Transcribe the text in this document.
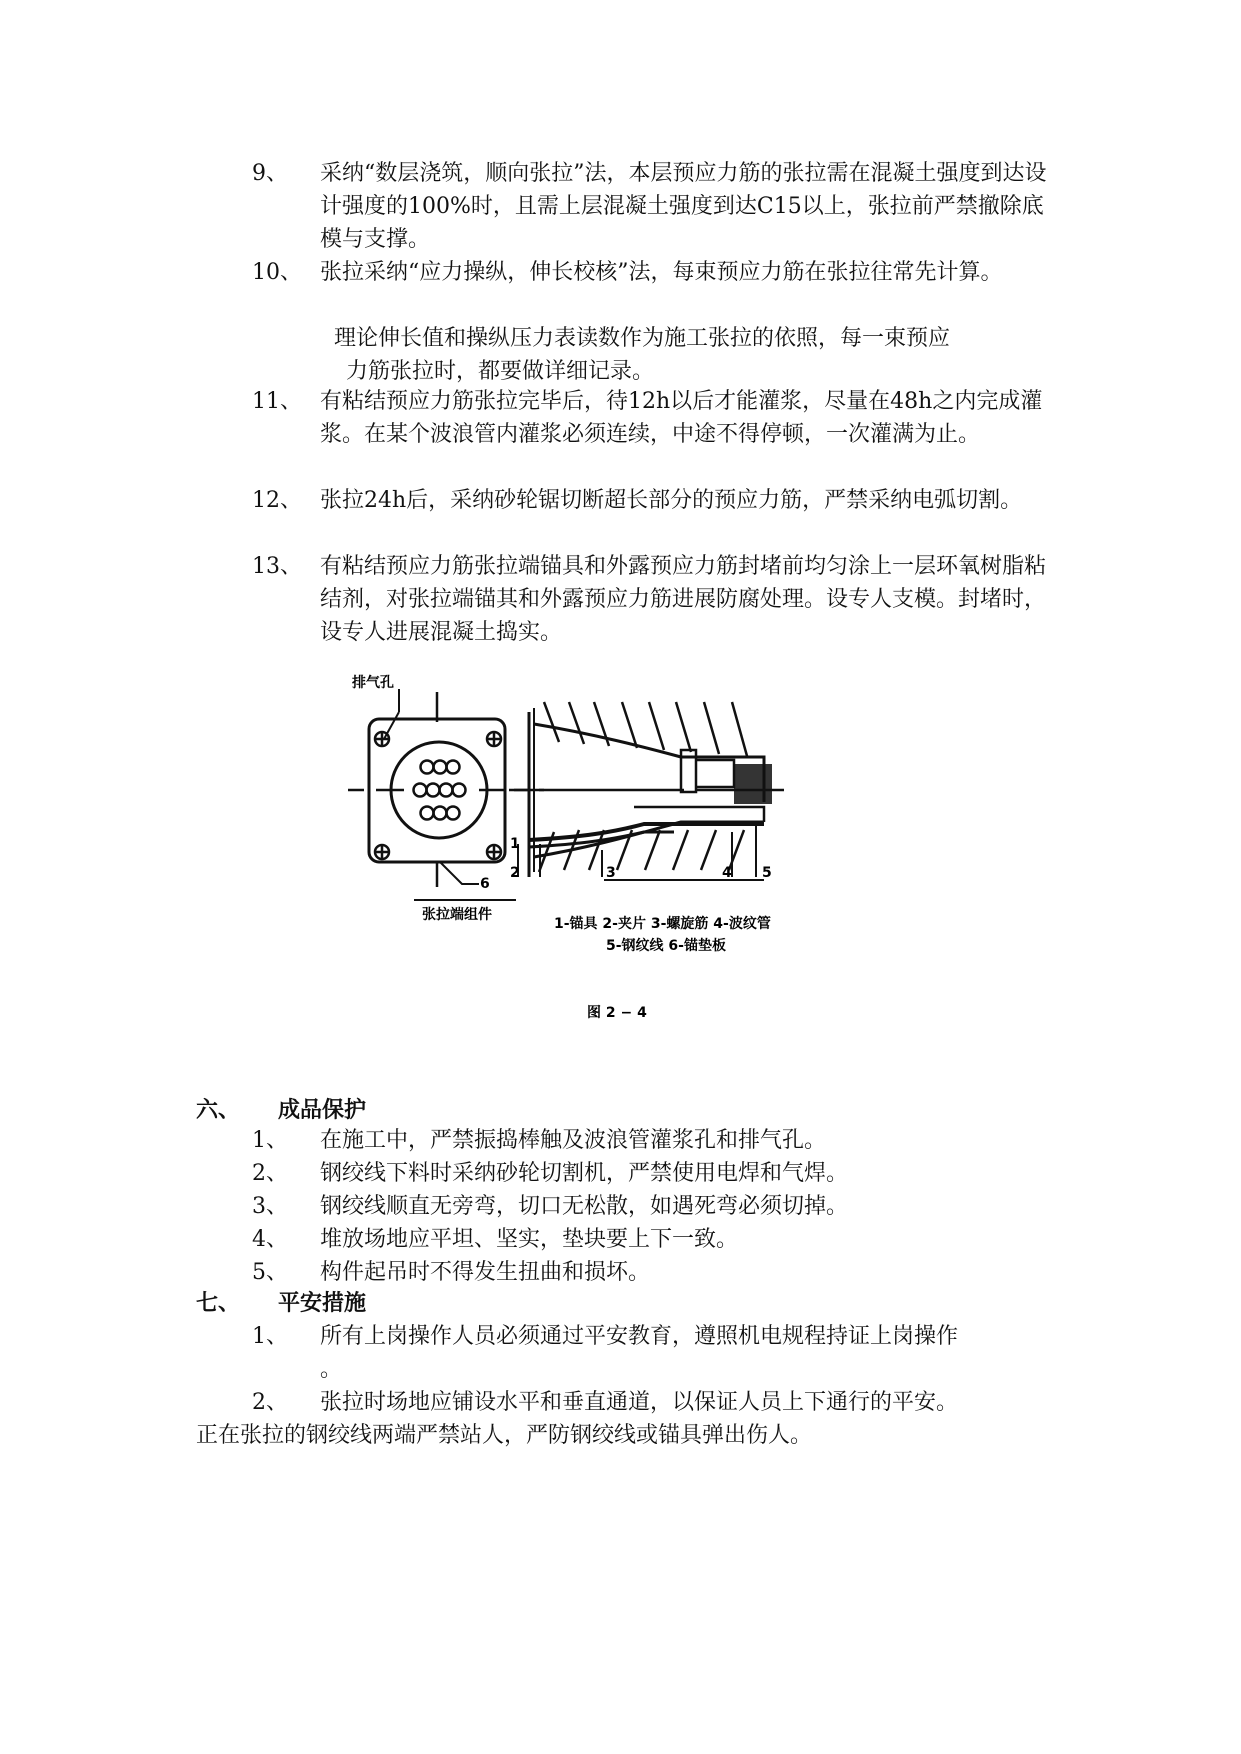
9、 采纳“数层浇筑，顺向张拉”法，本层预应力筋的张拉需在混凝土强度到达设计强度的100%时，且需上层混凝土强度到达C15以上，张拉前严禁撤除底模与支撑。
10、 张拉采纳“应力操纵，伸长校核”法，每束预应力筋在张拉往常先计算。
理论伸长值和操纵压力表读数作为施工张拉的依照，每一束预应
力筋张拉时，都要做详细记录。
11、 有粘结预应力筋张拉完毕后，待12h以后才能灌浆，尽量在48h之内完成灌浆。在某个波浪管内灌浆必须连续，中途不得停顿，一次灌满为止。
12、 张拉24h后，采纳砂轮锯切断超长部分的预应力筋，严禁采纳电弧切割。
13、 有粘结预应力筋张拉端锚具和外露预应力筋封堵前均匀涂上一层环氧树脂粘结剂，对张拉端锚其和外露预应力筋进展防腐处理。设专人支模。封堵时，设专人进展混凝土捣实。
排气孔
6
张拉端组件
1
2	3	4 5
1-锚具 2-夹片 3-螺旋筋 4-波纹管
5-钢纹线 6-锚垫板
图 2 − 4
六、 成品保护
1、 在施工中，严禁振捣棒触及波浪管灌浆孔和排气孔。
2、 钢绞线下料时采纳砂轮切割机，严禁使用电焊和气焊。
3、 钢绞线顺直无旁弯，切口无松散，如遇死弯必须切掉。
4、 堆放场地应平坦、坚实，垫块要上下一致。
5、 构件起吊时不得发生扭曲和损坏。
七、 平安措施
1、 所有上岗操作人员必须通过平安教育，遵照机电规程持证上岗操作
。
2、 张拉时场地应铺设水平和垂直通道，以保证人员上下通行的平安。
正在张拉的钢绞线两端严禁站人，严防钢绞线或锚具弹出伤人。
